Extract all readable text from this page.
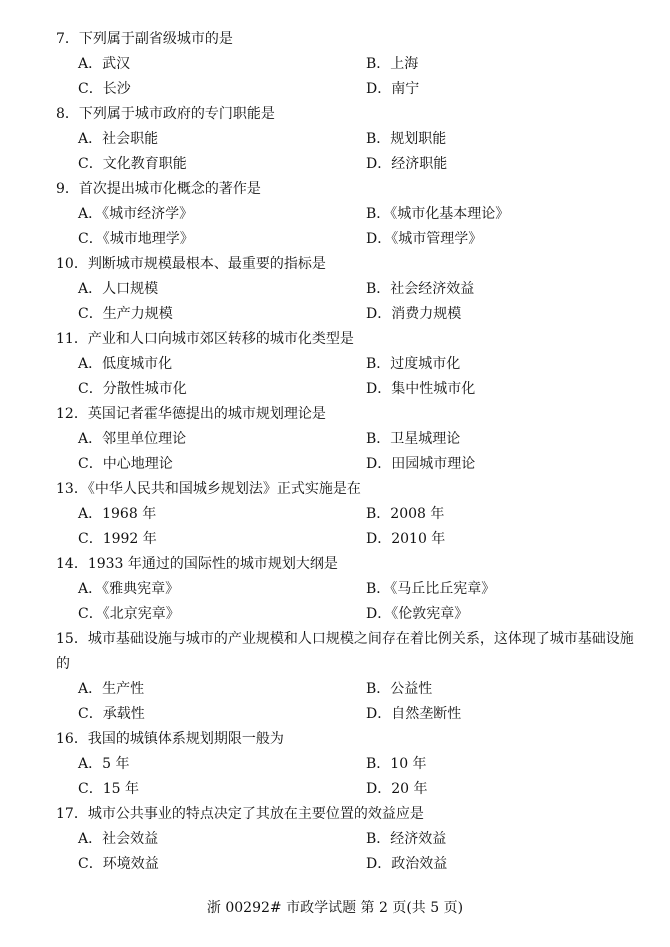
7．下列属于副省级城市的是
A．武汉	B．上海
C．长沙	D．南宁
8．下列属于城市政府的专门职能是
A．社会职能	B．规划职能
C．文化教育职能	D．经济职能
9．首次提出城市化概念的著作是
A．《城市经济学》	B．《城市化基本理论》
C．《城市地理学》	D．《城市管理学》
10．判断城市规模最根本、最重要的指标是
A．人口规模	B．社会经济效益
C．生产力规模	D．消费力规模
11．产业和人口向城市郊区转移的城市化类型是
A．低度城市化	B．过度城市化
C．分散性城市化	D．集中性城市化
12．英国记者霍华德提出的城市规划理论是
A．邻里单位理论	B．卫星城理论
C．中心地理论	D．田园城市理论
13．《中华人民共和国城乡规划法》正式实施是在
A．1968 年	B．2008 年
C．1992 年	D．2010 年
14．1933 年通过的国际性的城市规划大纲是
A．《雅典宪章》	B．《马丘比丘宪章》
C．《北京宪章》	D．《伦敦宪章》
15．城市基础设施与城市的产业规模和人口规模之间存在着比例关系，这体现了城市基础设施的
A．生产性	B．公益性
C．承载性	D．自然垄断性
16．我国的城镇体系规划期限一般为
A．5 年	B．10 年
C．15 年	D．20 年
17．城市公共事业的特点决定了其放在主要位置的效益应是
A．社会效益	B．经济效益
C．环境效益	D．政治效益
浙 00292# 市政学试题 第 2 页(共 5 页)
